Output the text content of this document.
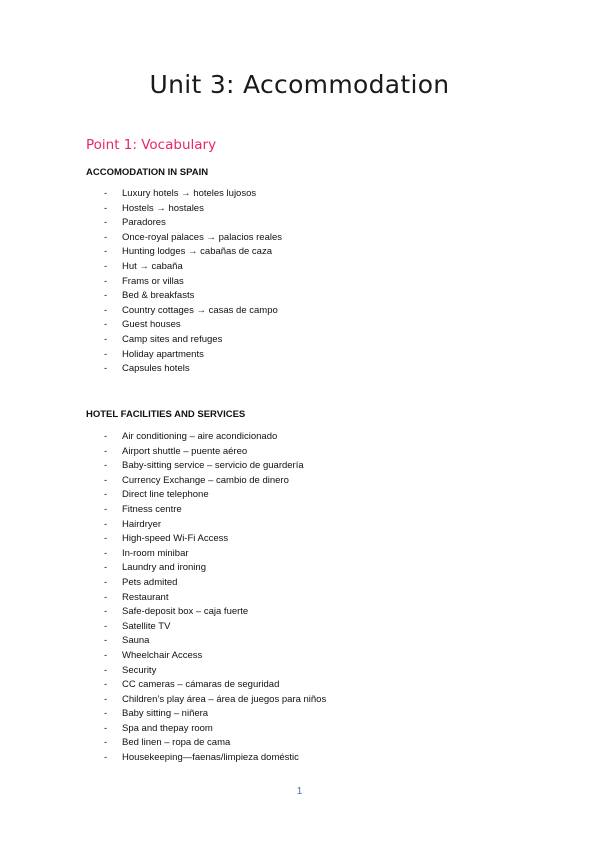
Unit 3: Accommodation
Point 1: Vocabulary
ACCOMODATION IN SPAIN
- Luxury hotels → hoteles lujosos
- Hostels → hostales
- Paradores
- Once-royal palaces → palacios reales
- Hunting lodges → cabañas de caza
- Hut → cabaña
- Frams or villas
- Bed & breakfasts
- Country cottages → casas de campo
- Guest houses
- Camp sites and refuges
- Holiday apartments
- Capsules hotels
HOTEL FACILITIES AND SERVICES
- Air conditioning – aire acondicionado
- Airport shuttle – puente aéreo
- Baby-sitting service – servicio de guardería
- Currency Exchange – cambio de dinero
- Direct line telephone
- Fitness centre
- Hairdryer
- High-speed Wi-Fi Access
- In-room minibar
- Laundry and ironing
- Pets admited
- Restaurant
- Safe-deposit box – caja fuerte
- Satellite TV
- Sauna
- Wheelchair Access
- Security
- CC cameras – cámaras de seguridad
- Children’s play área – área de juegos para niños
- Baby sitting – niñera
- Spa and thepay room
- Bed linen – ropa de cama
- Housekeeping—faenas/limpieza doméstic
1
